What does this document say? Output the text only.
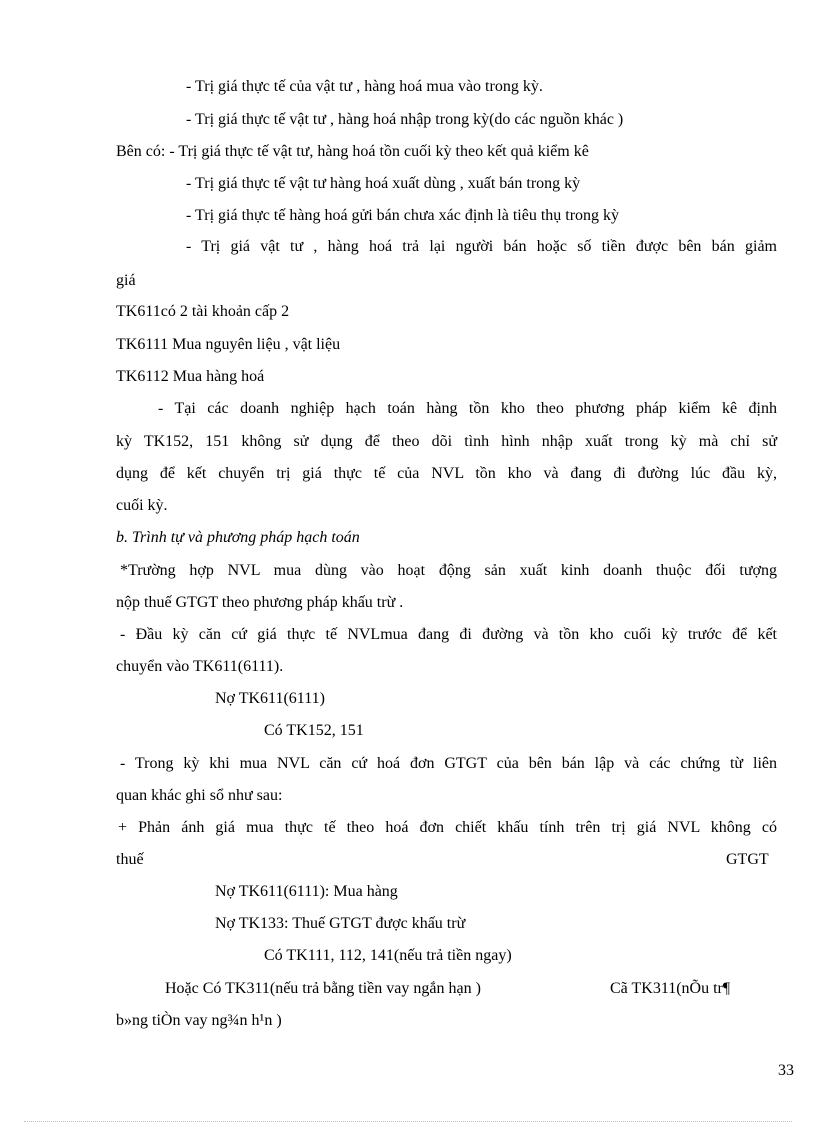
- Trị giá thực tế của vật tư , hàng hoá mua vào trong kỳ.
- Trị giá thực tế vật tư , hàng hoá nhập trong kỳ(do các nguồn khác )
Bên có: - Trị giá thực tế vật tư, hàng hoá tồn cuối kỳ theo kết quả kiểm kê
- Trị giá thực tế vật tư hàng hoá xuất dùng , xuất bán trong kỳ
- Trị giá thực tế hàng hoá gửi bán chưa xác định là tiêu thụ trong kỳ
- Trị giá vật tư , hàng hoá trả lại người bán hoặc số tiền được bên bán giảm
giá
TK611có 2 tài khoản cấp 2
TK6111 Mua nguyên liệu , vật liệu
TK6112 Mua hàng hoá
- Tại các doanh nghiệp hạch toán hàng tồn kho theo phương pháp kiểm kê định
kỳ TK152, 151 không sử dụng để theo dõi tình hình nhập xuất trong kỳ mà chỉ sử
dụng để kết chuyển trị giá thực tế của NVL tồn kho và đang đi đường lúc đầu kỳ,
cuối kỳ.
b. Trình tự và phương pháp hạch toán
*Trường hợp NVL mua dùng vào hoạt động sản xuất kinh doanh thuộc đối tượng
nộp thuế GTGT theo phương pháp khấu trừ .
- Đầu kỳ căn cứ giá thực tế NVLmua đang đi đường và tồn kho cuối kỳ trước để kết
chuyển vào TK611(6111).
Nợ TK611(6111)
Có TK152, 151
- Trong kỳ khi mua NVL căn cứ hoá đơn GTGT của bên bán lập và các chứng từ liên
quan khác ghi sổ như sau:
+ Phản ánh giá mua thực tế theo hoá đơn chiết khấu tính trên trị giá NVL không có
thuế	GTGT
Nợ TK611(6111): Mua hàng
Nợ TK133: Thuế GTGT được khấu trừ
Có TK111, 112, 141(nếu trả tiền ngay)
Hoặc Có TK311(nếu trả bằng tiền vay ngắn hạn )	Cã TK311(nÕu tr¶
b»ng tiÒn vay ng¾n h¹n )
33
